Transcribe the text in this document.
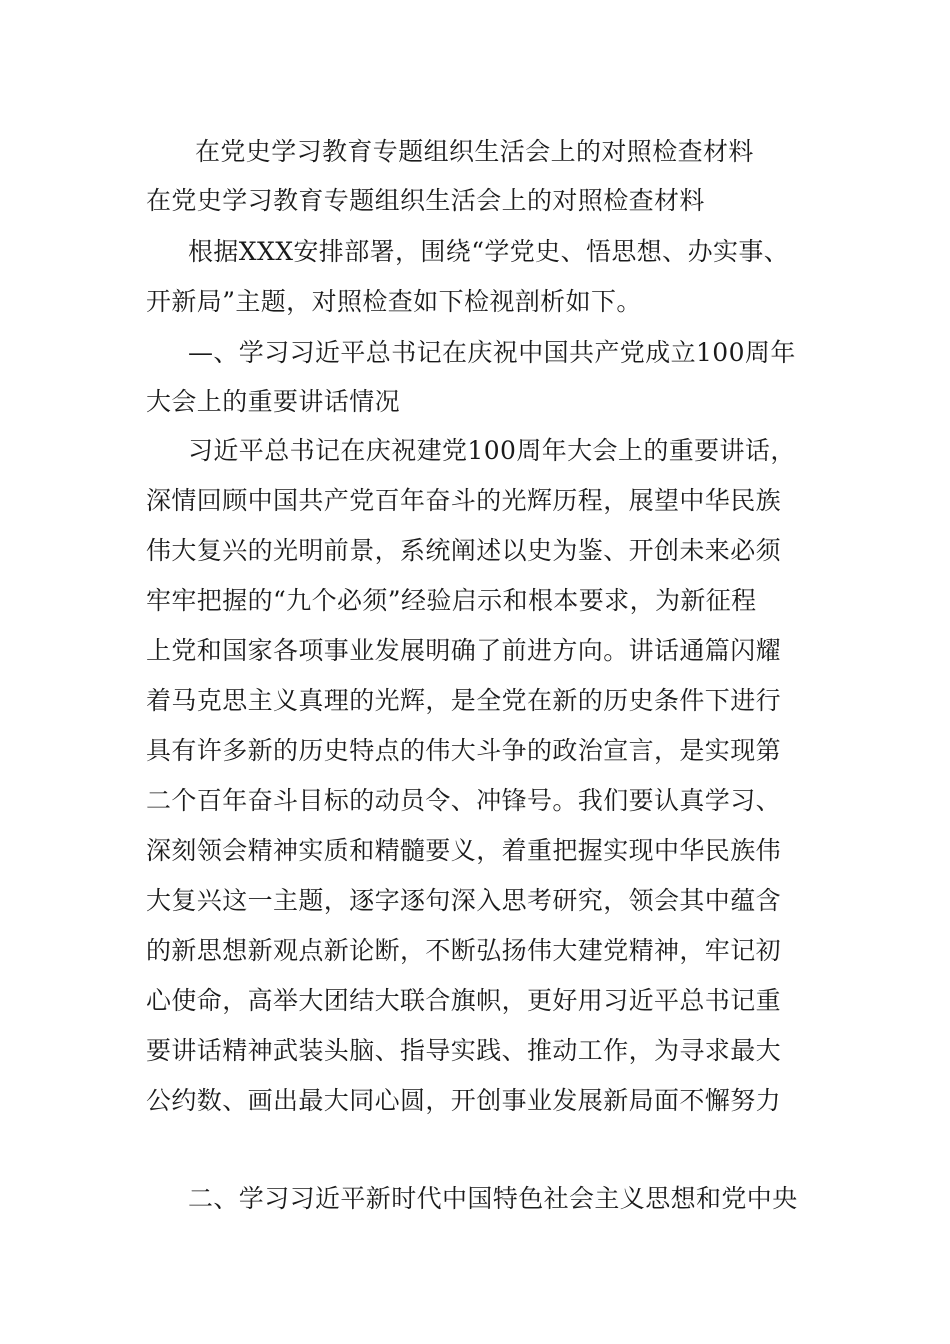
在党史学习教育专题组织生活会上的对照检查材料
在党史学习教育专题组织生活会上的对照检查材料
根据XXX安排部署，围绕“学党史、悟思想、办实事、
开新局”主题，对照检查如下检视剖析如下。
—、学习习近平总书记在庆祝中国共产党成立100周年
大会上的重要讲话情况
习近平总书记在庆祝建党100周年大会上的重要讲话，
深情回顾中国共产党百年奋斗的光辉历程，展望中华民族
伟大复兴的光明前景，系统阐述以史为鉴、开创未来必须
牢牢把握的“九个必须”经验启示和根本要求，为新征程
上党和国家各项事业发展明确了前进方向。讲话通篇闪耀
着马克思主义真理的光辉，是全党在新的历史条件下进行
具有许多新的历史特点的伟大斗争的政治宣言，是实现第
二个百年奋斗目标的动员令、冲锋号。我们要认真学习、
深刻领会精神实质和精髓要义，着重把握实现中华民族伟
大复兴这一主题，逐字逐句深入思考研究，领会其中蕴含
的新思想新观点新论断，不断弘扬伟大建党精神，牢记初
心使命，高举大团结大联合旗帜，更好用习近平总书记重
要讲话精神武装头脑、指导实践、推动工作，为寻求最大
公约数、画出最大同心圆，开创事业发展新局面不懈努力
二、学习习近平新时代中国特色社会主义思想和党中央
